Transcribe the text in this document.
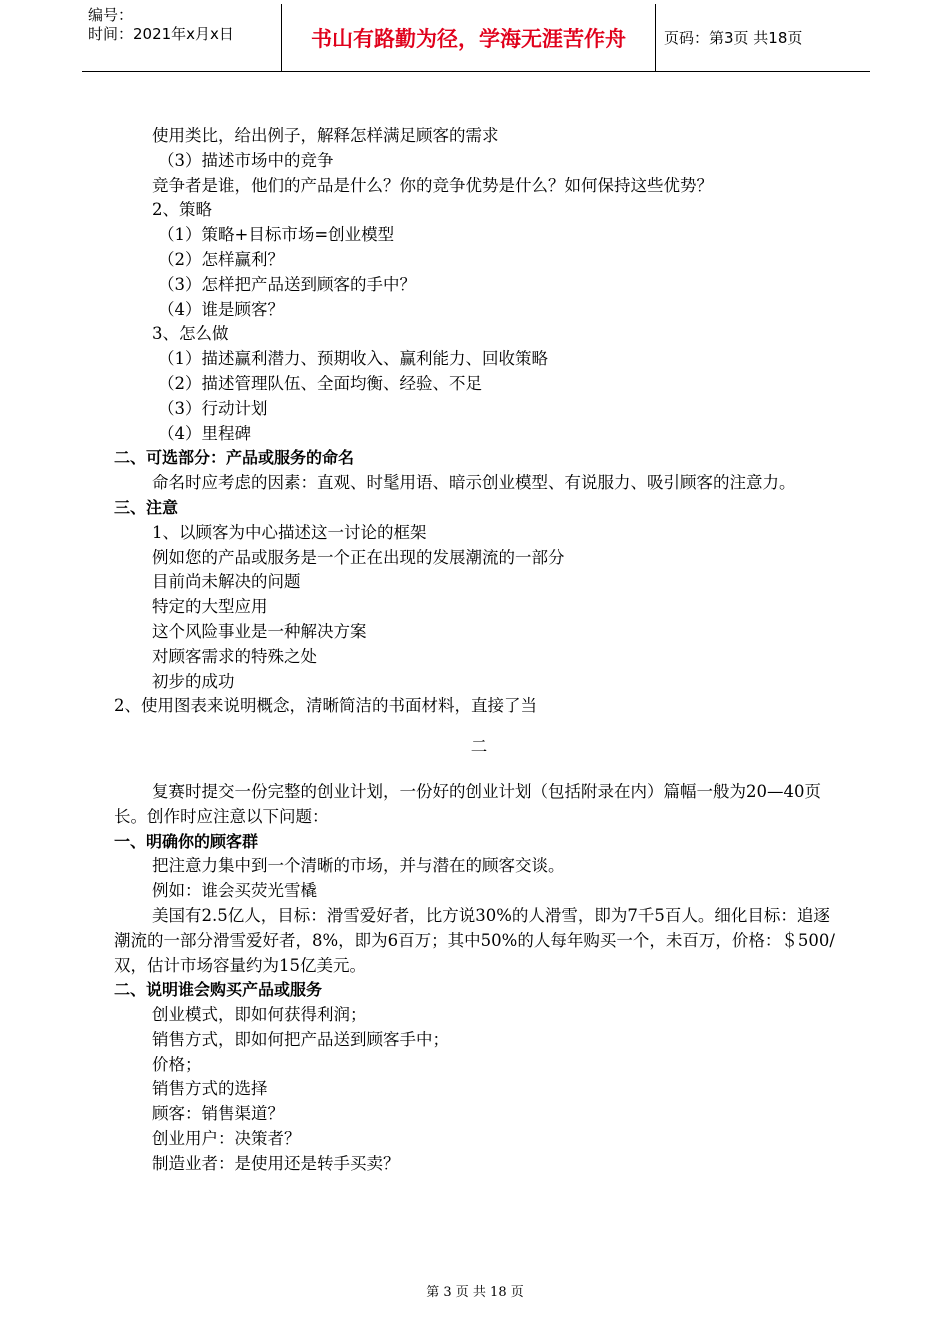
编号：
时间：2021年x月x日	书山有路勤为径，学海无涯苦作舟	页码：第3页 共18页
使用类比，给出例子，解释怎样满足顾客的需求
（3）描述市场中的竞争
竞争者是谁，他们的产品是什么？你的竞争优势是什么？如何保持这些优势？
2、策略
（1）策略+目标市场=创业模型
（2）怎样赢利？
（3）怎样把产品送到顾客的手中？
（4）谁是顾客？
3、怎么做
（1）描述赢利潜力、预期收入、赢利能力、回收策略
（2）描述管理队伍、全面均衡、经验、不足
（3）行动计划
（4）里程碑
二、可选部分：产品或服务的命名
命名时应考虑的因素：直观、时髦用语、暗示创业模型、有说服力、吸引顾客的注意力。
三、注意
1、以顾客为中心描述这一讨论的框架
例如您的产品或服务是一个正在出现的发展潮流的一部分
目前尚未解决的问题
特定的大型应用
这个风险事业是一种解决方案
对顾客需求的特殊之处
初步的成功
2、使用图表来说明概念，清晰简洁的书面材料，直接了当
二
复赛时提交一份完整的创业计划，一份好的创业计划（包括附录在内）篇幅一般为20—40页长。创作时应注意以下问题：
一、明确你的顾客群
把注意力集中到一个清晰的市场，并与潜在的顾客交谈。
例如：谁会买荧光雪橇
美国有2.5亿人，目标：滑雪爱好者，比方说30%的人滑雪，即为7千5百人。细化目标：追逐潮流的一部分滑雪爱好者，8%，即为6百万；其中50%的人每年购买一个，未百万，价格：＄500/双，估计市场容量约为15亿美元。
二、说明谁会购买产品或服务
创业模式，即如何获得利润；
销售方式，即如何把产品送到顾客手中；
价格；
销售方式的选择
顾客：销售渠道？
创业用户：决策者？
制造业者：是使用还是转手买卖？
第 3 页 共 18 页
